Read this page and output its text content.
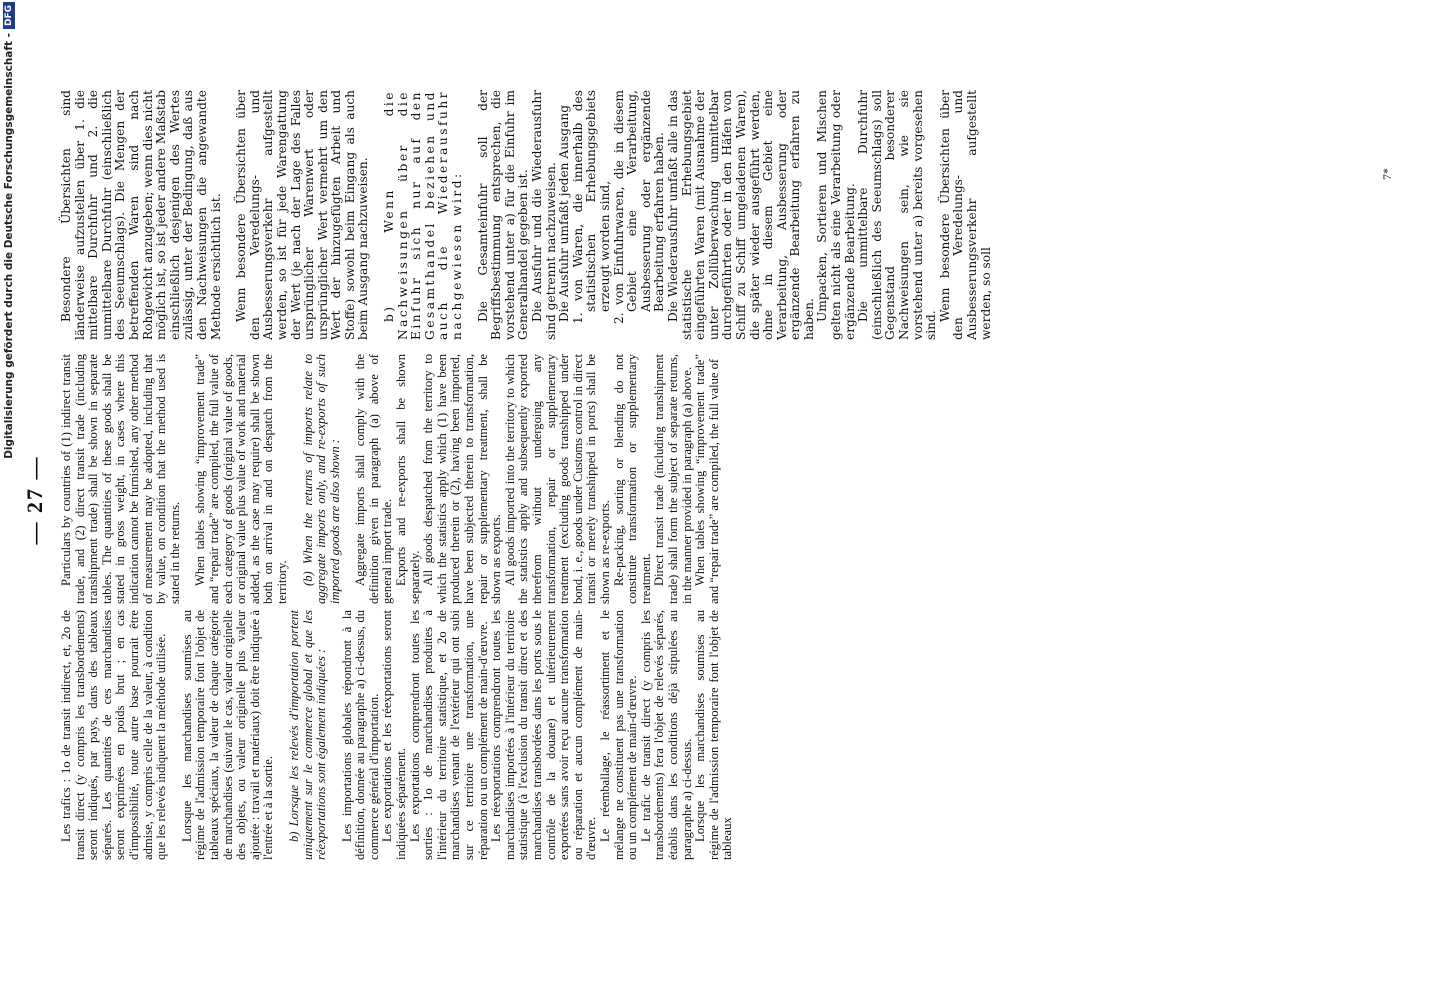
— 27 —

Les trafics : 1o de transit indirect, et, 2o de transit direct (y compris les transbordements) seront indiqués, par pays, dans des tableaux séparés. Les quantités de ces marchandises seront exprimées en poids brut ; en cas d'impossibilité, toute autre base pourrait être admise, y compris celle de la valeur, à condition que les relevés indiquent la méthode utilisée. Lorsque les marchandises soumises au régime de l'admission temporaire font l'objet de tableaux spéciaux, la valeur de chaque catégorie de marchandises (suivant le cas, valeur originelle des objets, ou valeur originelle plus valeur ajoutée : travail et matériaux) doit être indiquée à l'entrée et à la sortie. b) Lorsque les relevés d'importation portent uniquement sur le commerce global et que les réexportations sont également indiquées : Les importations globales répondront à la définition, donnée au paragraphe a) ci-dessus, du commerce général d'importation. Les exportations et les réexportations seront indiquées séparément. Les exportations comprendront toutes les sorties : 1o de marchandises produites à l'intérieur du territoire statistique, et 2o de marchandises venant de l'extérieur qui ont subi sur ce territoire une transformation, une réparation ou un complément de main-d'œuvre. Les réexportations comprendront toutes les marchandises importées à l'intérieur du territoire statistique (à l'exclusion du transit direct et des marchandises transbordées dans les ports sous le contrôle de la douane) et ultérieurement exportées sans avoir reçu aucune transformation ou réparation et aucun complément de main-d'œuvre. Le réemballage, le réassortiment et le mélange ne constituent pas une transformation ou un complément de main-d'œuvre. Le trafic de transit direct (y compris les transbordements) fera l'objet de relevés séparés, établis dans les conditions déjà stipulées au paragraphe a) ci-dessus. Lorsque les marchandises soumises au régime de l'admission temporaire font l'objet de tableaux

Particulars by countries of (1) indirect transit trade, and (2) direct transit trade (including transhipment trade) shall be shown in separate tables. The quantities of these goods shall be stated in gross weight, in cases where this indication cannot be furnished, any other method of measurement may be adopted, including that by value, on condition that the method used is stated in the returns. When tables showing “improvement trade” and “repair trade” are compiled, the full value of each category of goods (original value of goods, or original value plus value of work and material added, as the case may require) shall be shown both on arrival in and on despatch from the territory. (b) When the returns of imports relate to aggregate imports only, and re-exports of such imported goods are also shown : Aggregate imports shall comply with the definition given in paragraph (a) above of general import trade. Exports and re-exports shall be shown separately. All goods despatched from the territory to which the statistics apply which (1) have been produced therein or (2), having been imported, have been subjected therein to transformation, repair or supplementary treatment, shall be shown as exports. All goods imported into the territory to which the statistics apply and subsequently exported therefrom without undergoing any transformation, repair or supplementary treatment (excluding goods transhipped under bond, i. e., goods under Customs control in direct transit or merely transhipped in ports) shall be shown as re-exports. Re-packing, sorting or blending do not constitute transformation or supplementary treatment. Direct transit trade (including transhipment trade) shall form the subject of separate returns, in the manner provided in paragraph (a) above. When tables showing “improvement trade” and “repair trade” are compiled, the full value of

Besondere Übersichten sind länderweise aufzustellen über 1. die mittelbare Durchfuhr und 2. die unmittelbare Durchfuhr (einschließlich des Seeumschlags). Die Mengen der betreffenden Waren sind nach Rohgewicht anzugeben; wenn dies nicht möglich ist, so ist jeder andere Maßstab einschließlich desjenigen des Wertes zulässig, unter der Bedingung, daß aus den Nachweisungen die angewandte Methode ersichtlich ist. Wenn besondere Übersichten über den Veredelungs- und Ausbesserungsverkehr aufgestellt werden, so ist für jede Warengattung der Wert (je nach der Lage des Falles ursprünglicher Warenwert oder ursprünglicher Wert vermehrt um den Wert der hinzugefügten Arbeit und Stoffe) sowohl beim Eingang als auch beim Ausgang nachzuweisen. b) Wenn die Nachweisungen über die Einfuhr sich nur auf den Gesamthandel beziehen und auch die Wiederausfuhr nachgewiesen wird: Die Gesamteinfuhr soll der Begriffsbestimmung entsprechen, die vorstehend unter a) für die Einfuhr im Generalhandel gegeben ist. Die Ausfuhr und die Wiederausfuhr sind getrennt nachzuweisen. Die Ausfuhr umfaßt jeden Ausgang 1. von Waren, die innerhalb des statistischen Erhebungsgebiets erzeugt worden sind, 2. von Einfuhrwaren, die in diesem Gebiet eine Verarbeitung, Ausbesserung oder ergänzende Bearbeitung erfahren haben. Die Wiederausfuhr umfaßt alle in das statistische Erhebungsgebiet eingeführten Waren (mit Ausnahme der unter Zollüberwachung unmittelbar durchgeführten oder in den Häfen von Schiff zu Schiff umgeladenen Waren), die später wieder ausgeführt werden, ohne in diesem Gebiet eine Verarbeitung, Ausbesserung oder ergänzende Bearbeitung erfahren zu haben. Umpacken, Sortieren und Mischen gelten nicht als eine Verarbeitung oder ergänzende Bearbeitung. Die unmittelbare Durchfuhr (einschließlich des Seeumschlags) soll Gegenstand besonderer Nachweisungen sein, wie sie vorstehend unter a) bereits vorgesehen sind.

Wenn besondere Übersichten über den Veredelungs- und Ausbesserungsverkehr aufgestellt werden, so soll

7*
Digitalisierung gefördert durch die Deutsche Forschungsgemeinschaft -
DFG
